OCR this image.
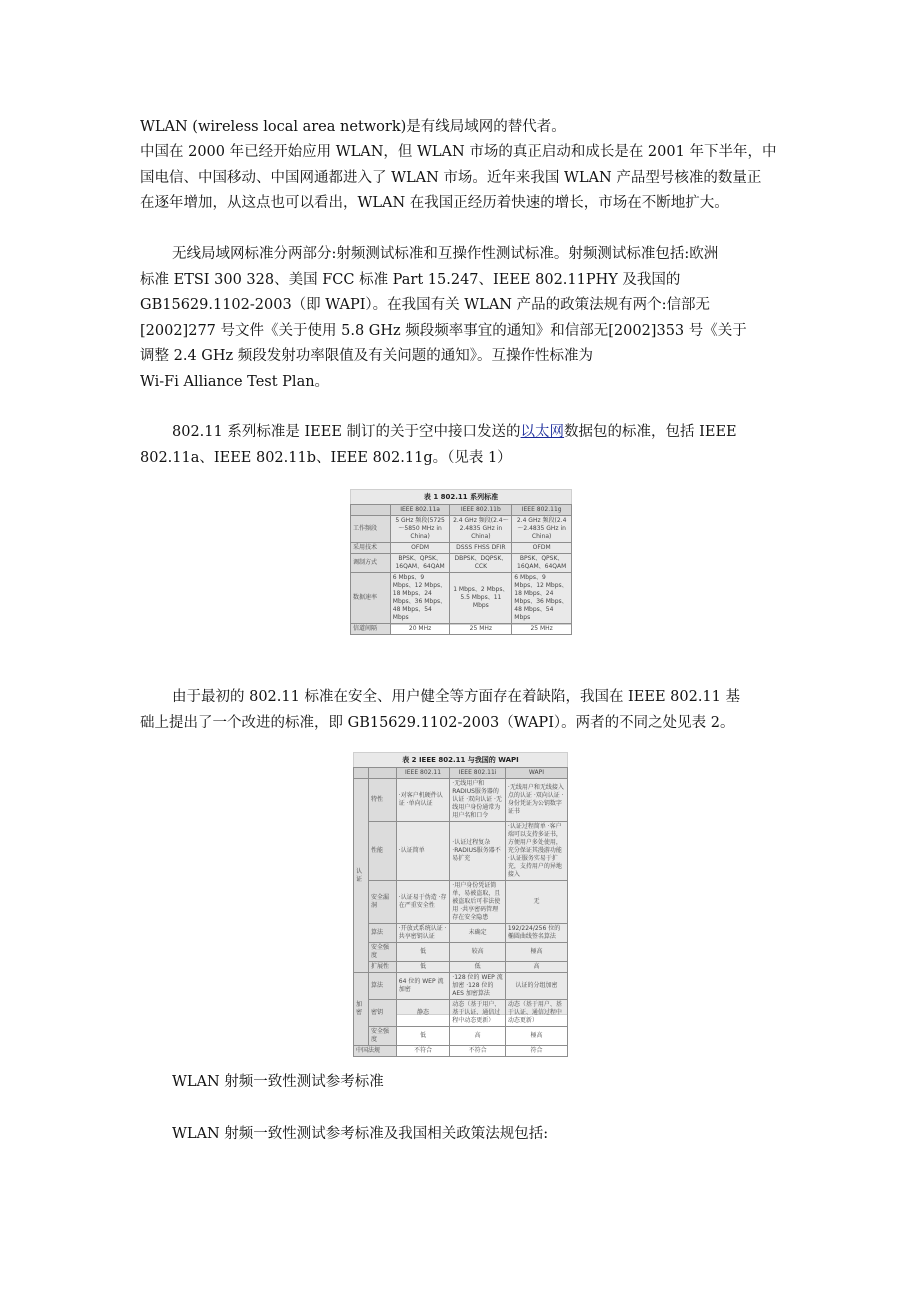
WLAN (wireless local area network)是有线局域网的替代者。

中国在 2000 年已经开始应用 WLAN，但 WLAN 市场的真正启动和成长是在 2001 年下半年，中
国电信、中国移动、中国网通都进入了 WLAN 市场。近年来我国 WLAN 产品型号核准的数量正
在逐年增加，从这点也可以看出，WLAN 在我国正经历着快速的增长，市场在不断地扩大。

无线局域网标准分两部分:射频测试标准和互操作性测试标准。射频测试标准包括:欧洲
标准 ETSI 300 328、美国 FCC 标准 Part 15.247、IEEE 802.11PHY 及我国的
GB15629.1102-2003（即 WAPI）。在我国有关 WLAN 产品的政策法规有两个:信部无
[2002]277 号文件《关于使用 5.8 GHz 频段频率事宜的通知》和信部无[2002]353 号《关于
调整 2.4 GHz 频段发射功率限值及有关问题的通知》。互操作性标准为
Wi-Fi Alliance Test Plan。

802.11 系列标准是 IEEE 制订的关于空中接口发送的以太网数据包的标准，包括 IEEE
802.11a、IEEE 802.11b、IEEE 802.11g。（见表 1）

表 1 802.11 系列标准
	IEEE 802.11a	IEEE 802.11b	IEEE 802.11g
工作频段	5 GHz 频段(5725～5850 MHz in China)	2.4 GHz 频段(2.4～2.4835 GHz in China)	2.4 GHz 频段(2.4～2.4835 GHz in China)
采用技术	OFDM	DSSS FHSS DFIR	OFDM
调制方式	BPSK、QPSK、16QAM、64QAM	DBPSK、DQPSK、CCK	BPSK、QPSK、16QAM、64QAM
数据速率	6 Mbps、9 Mbps、12 Mbps、18 Mbps、24 Mbps、36 Mbps、48 Mbps、54 Mbps	1 Mbps、2 Mbps、5.5 Mbps、11 Mbps	6 Mbps、9 Mbps、12 Mbps、18 Mbps、24 Mbps、36 Mbps、48 Mbps、54 Mbps
信道间隔	20 MHz	25 MHz	25 MHz

由于最初的 802.11 标准在安全、用户健全等方面存在着缺陷，我国在 IEEE 802.11 基
础上提出了一个改进的标准，即 GB15629.1102-2003（WAPI）。两者的不同之处见表 2。

表 2 IEEE 802.11 与我国的 WAPI
		IEEE 802.11	IEEE 802.11i	WAPI
认证	特性	·对客户机硬件认证 ·单向认证	·无线用户和RADIUS服务器的认证 ·双向认证 ·无线用户身份通常为用户名和口令	·无线用户和无线接入点的认证 ·双向认证 ·身份凭证为公钥数字证书
	性能	·认证简单	·认证过程复杂 ·RADIUS服务器不易扩充	·认证过程简单 ·客户端可以支持多证书，方便用户多处使用，充分保证其漫游功能 ·认证服务实易于扩充，支持用户的异地接入
	安全漏洞	·认证易于伪造 ·存在严重安全性	·用户身份凭证简单，易被盗取，且被盗取后可非法使用 ·共享密码管理存在安全隐患	无
	算法	·开放式系统认证 ·共享密钥认证	未确定	192/224/256 位的椭圆曲线签名算法
	安全强度	低	较高	極高
	扩展性	低	低	高
加密	算法	64 位的 WEP 流加密	·128 位的 WEP 流加密 ·128 位的 AES 加密算法	认证的分组加密
	密钥	静态	动态（基于用户、基于认证、通信过程中动态更新）	动态（基于用户、基于认证、通信过程中动态更新）
	安全强度	低	高	極高
中国法规		不符合	不符合	符合

WLAN 射频一致性测试参考标准

WLAN 射频一致性测试参考标准及我国相关政策法规包括:
